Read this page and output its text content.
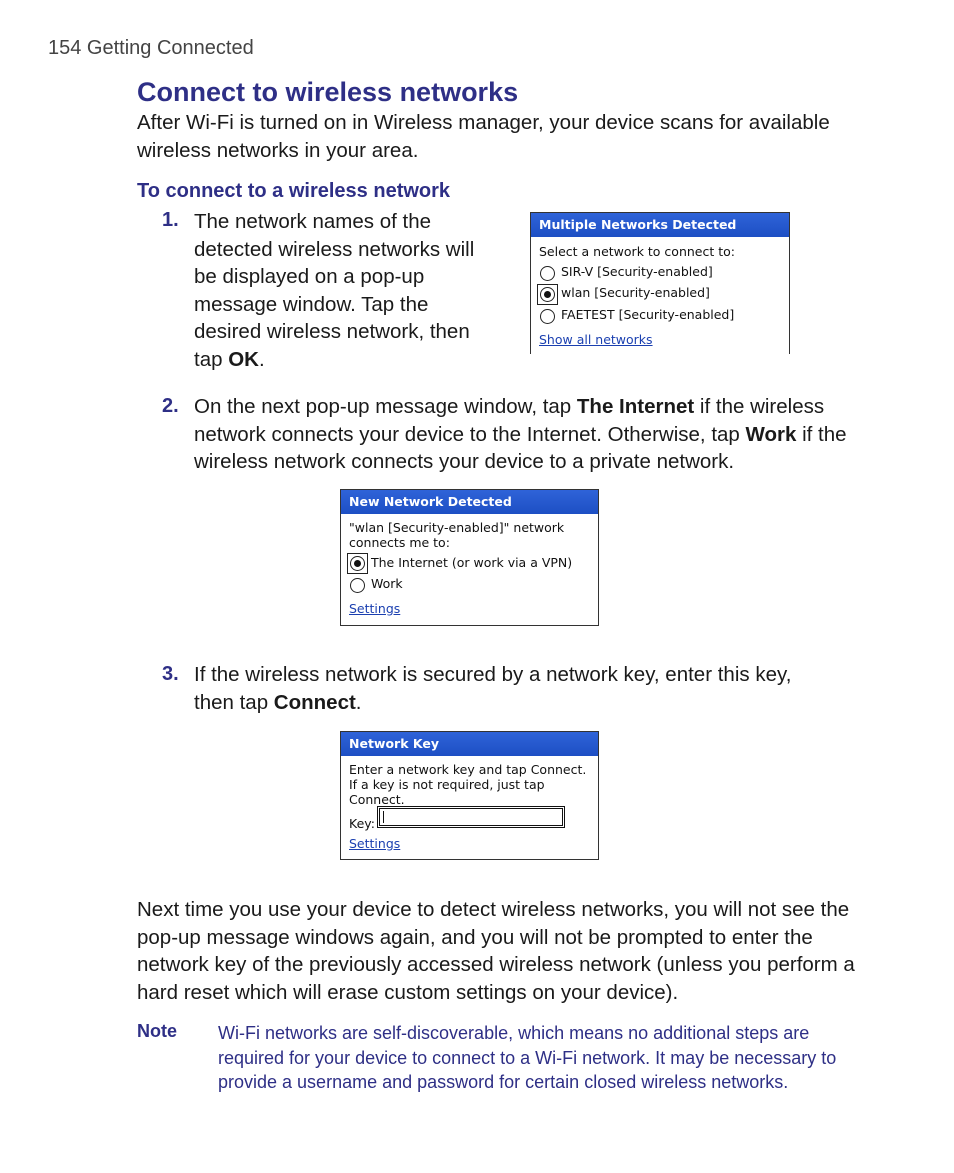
154 Getting Connected
Connect to wireless networks
After Wi-Fi is turned on in Wireless manager, your device scans for available wireless networks in your area.
To connect to a wireless network
1. The network names of the detected wireless networks will be displayed on a pop-up message window. Tap the desired wireless network, then tap OK.
Multiple Networks Detected
Select a network to connect to:
SIR-V [Security-enabled]
wlan [Security-enabled]
FAETEST [Security-enabled]
Show all networks
2. On the next pop-up message window, tap The Internet if the wireless network connects your device to the Internet. Otherwise, tap Work if the wireless network connects your device to a private network.
New Network Detected
"wlan [Security-enabled]" network connects me to:
The Internet (or work via a VPN)
Work
Settings
3. If the wireless network is secured by a network key, enter this key, then tap Connect.
Network Key
Enter a network key and tap Connect. If a key is not required, just tap Connect.
Key:
Settings
Next time you use your device to detect wireless networks, you will not see the pop-up message windows again, and you will not be prompted to enter the network key of the previously accessed wireless network (unless you perform a hard reset which will erase custom settings on your device).
Note Wi-Fi networks are self-discoverable, which means no additional steps are required for your device to connect to a Wi-Fi network. It may be necessary to provide a username and password for certain closed wireless networks.
